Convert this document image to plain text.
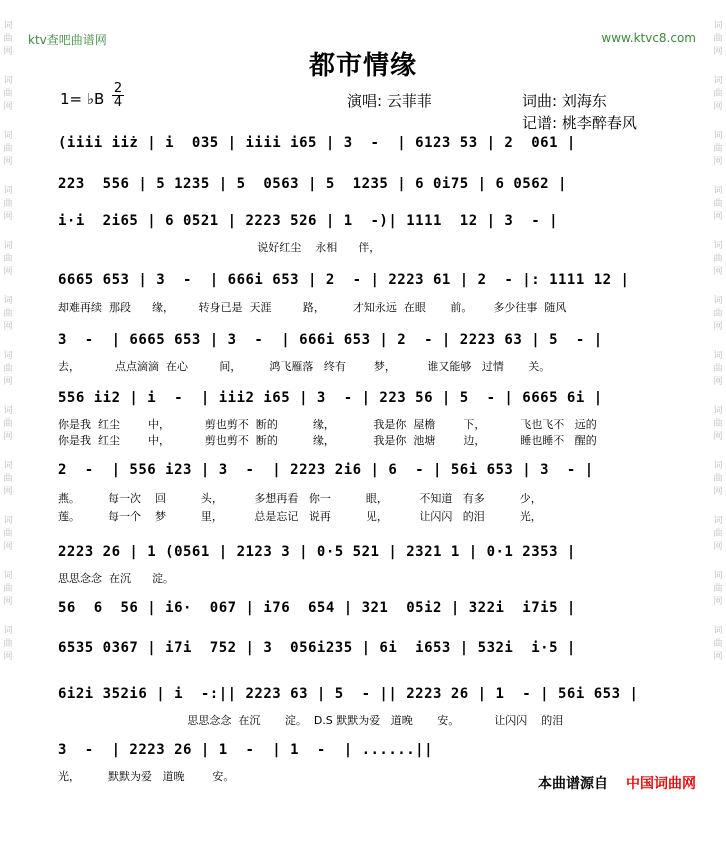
词
曲
网
词
曲
网
词
曲
网
词
曲
网
词
曲
网
词
曲
网
词
曲
网
词
曲
网
词
曲
网
词
曲
网
词
曲
网
词
曲
网
词
曲
网
词
曲
网
词
曲
网
词
曲
网
词
曲
网
词
曲
网
词
曲
网
词
曲
网
词
曲
网
词
曲
网
词
曲
网
词
曲
网
ktv查吧曲谱网	www.ktvc8.com
都市情缘
1= ♭B
2
4	演唱: 云菲菲	词曲: 刘海东
记谱: 桃李醉春风
(iiii iiż | i  035 | iiii i65 | 3  -  | 6123 53 | 2  061 |
223  556 | 5 1235 | 5  0563 | 5  1235 | 6 0i75 | 6 0562 |
i·i  2i65 | 6 0521 | 2223 526 | 1  -)| 1111  12 | 3  - |
说好红尘    永相      伴，
6665 653 | 3  -  | 666i 653 | 2  - | 2223 61 | 2  - |: 1111 12 |
却难再续  那段      缘，       转身已是  天涯         路，        才知永远  在眼       前。      多少往事  随风
3  -  | 6665 653 | 3  -  | 666i 653 | 2  - | 2223 63 | 5  - |
去，          点点滴滴  在心         间，        鸿飞雁落   终有        梦，         谁又能够   过情       关。
556 ii2 | i  -  | iii2 i65 | 3  - | 223 56 | 5  - | 6665 6i |
你是我  红尘        中，          剪也剪不  断的          缘，           我是你  屋檐        下，          飞也飞不   远的
你是我  红尘        中，          剪也剪不  断的          缘，           我是你  池塘        边，          睡也睡不   醒的
2  -  | 556 i23 | 3  -  | 2223 2i6 | 6  - | 56i 653 | 3  - |
燕。        每一次    回          头，         多想再看   你一          眼，         不知道   有多          少，
莲。        每一个    梦          里，         总是忘记   说再          见，         让闪闪   的泪          光，
2223 26 | 1 (0561 | 2123 3 | 0·5 521 | 2321 1 | 0·1 2353 |
思思念念  在沉      淀。
56  6  56 | i6·  067 | i76  654 | 321  05i2 | 322i  i7i5 |
6535 0367 | i7i  752 | 3  056i235 | 6i  i653 | 532i  i·5 |
6i2i 352i6 | i  -:|| 2223 63 | 5  - || 2223 26 | 1  - | 56i 653 |
思思念念  在沉       淀。  D.S 默默为爱   道晚       安。          让闪闪    的泪
3  -  | 2223 26 | 1  -  | 1  -  | ......||
光，        默默为爱   道晚        安。	本曲谱源自 中国词曲网
